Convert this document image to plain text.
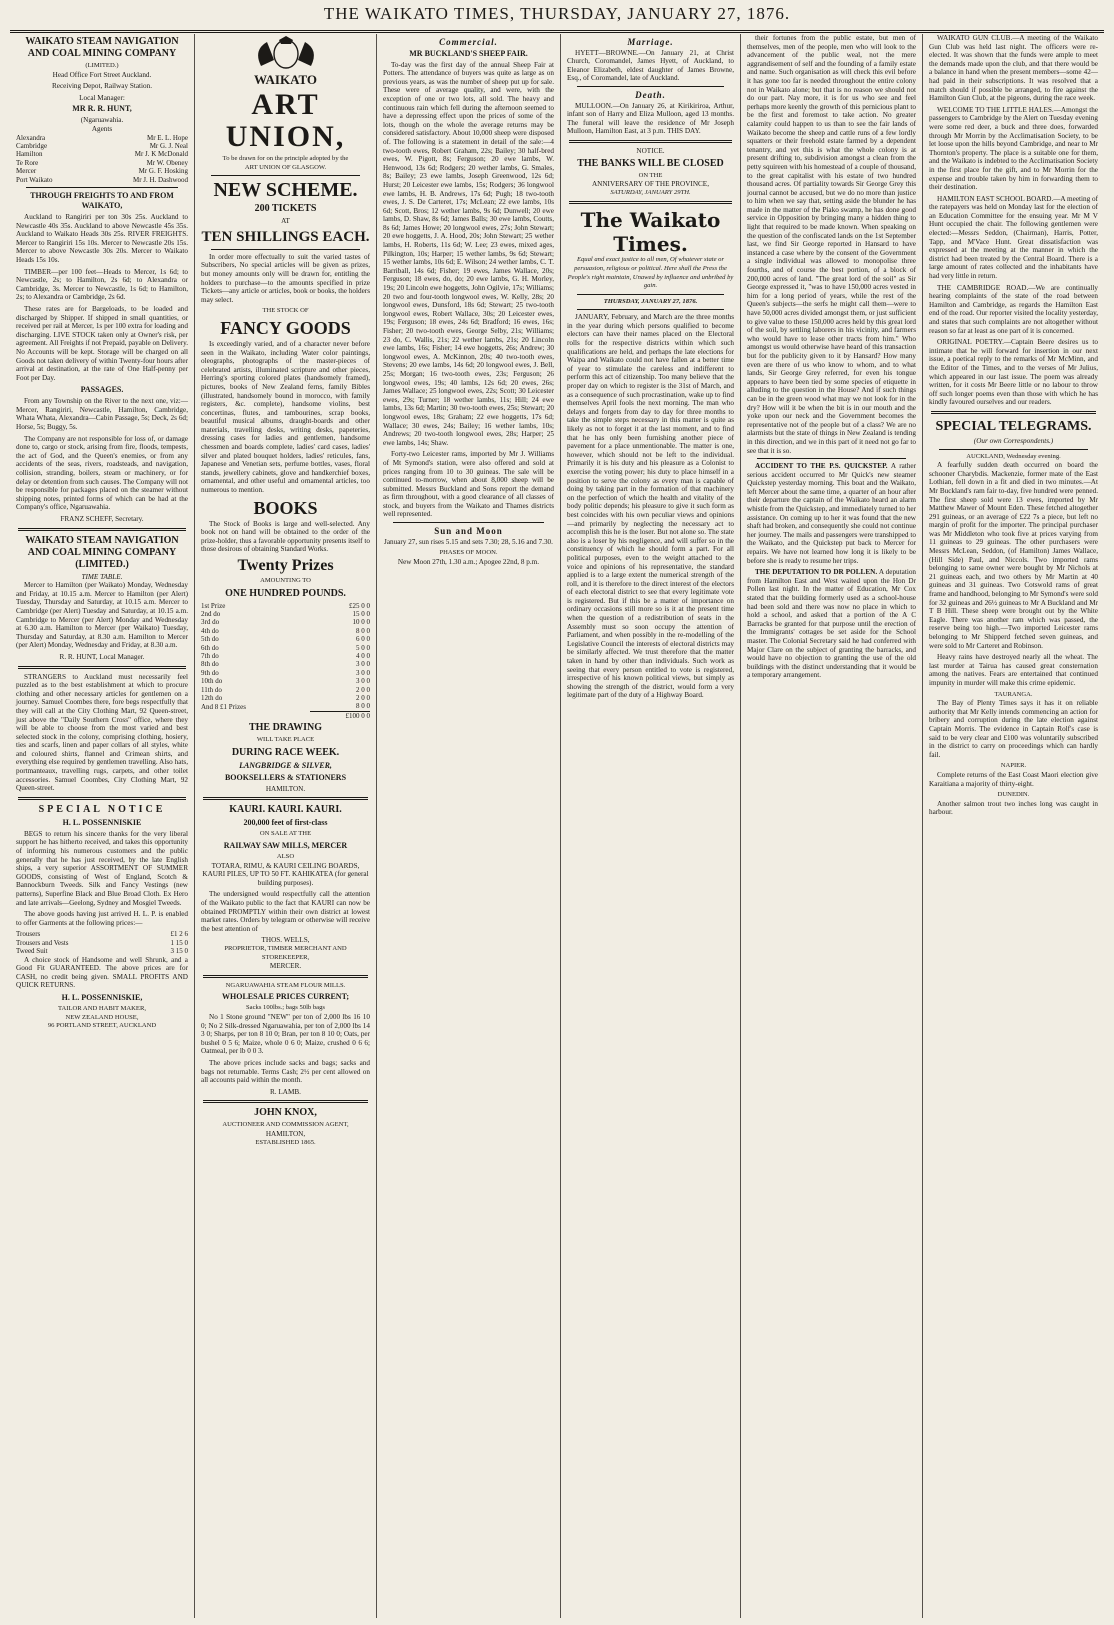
THE WAIKATO TIMES, THURSDAY, JANUARY 27, 1876.
WAIKATO STEAM NAVIGATION AND COAL MINING COMPANY
(LIMITED.)

Head Office Fort Street Auckland.

Receiving Depot, Railway Station.

Local Manager:
MR R. R. HUNT,
(Ngaruawahia.
Agents
Alexandra	Mr E. L. Hope
Cambridge	Mr G. J. Neal
Hamilton	Mr J. K McDonald
Te Rore	Mr W. Obeney
Mercer	Mr G. F. Hosking
Port Waikato	Mr J. H. Dashwood
THROUGH FREIGHTS TO AND FROM WAIKATO,

Auckland to Rangiriri per ton 30s 25s. Auckland to Newcastle 40s 35s. Auckland to above Newcastle 45s 35s. Auckland to Waikato Heads 30s 25s. RIVER FREIGHTS. Mercer to Rangiriri 15s 10s. Mercer to Newcastle 20s 15s. Mercer to above Newcastle 30s 20s. Mercer to Waikato Heads 15s 10s.

TIMBER—per 100 feet—Heads to Mercer, 1s 6d; to Newcastle, 2s; to Hamilton, 2s 6d; to Alexandra or Cambridge, 3s. Mercer to Newcastle, 1s 6d; to Hamilton, 2s; to Alexandra or Cambridge, 2s 6d.

These rates are for Bargeloads, to be loaded and discharged by Shipper. If shipped in small quantities, or received per rail at Mercer, 1s per 100 extra for loading and discharging. LIVE STOCK taken only at Owner's risk, per agreement. All Freights if not Prepaid, payable on Delivery. No Accounts will be kept. Storage will be charged on all Goods not taken delivery of within Twenty-four hours after arrival at destination, at the rate of One Half-penny per Foot per Day.

PASSAGES.

From any Township on the River to the next one, viz:—Mercer, Rangiriri, Newcastle, Hamilton, Cambridge, Whata Whata, Alexandra—Cabin Passage, 5s; Deck, 2s 6d; Horse, 5s; Buggy, 5s.

The Company are not responsible for loss of, or damage done to, cargo or stock, arising from fire, floods, tempests, the act of God, and the Queen's enemies, or from any accidents of the seas, rivers, roadsteads, and navigation, collision, stranding, boilers, steam or machinery, or for delay or detention from such causes. The Company will not be responsible for packages placed on the steamer without shipping notes, printed forms of which can be had at the Company's office, Ngaruawahia.

FRANZ SCHEFF, Secretary.
WAIKATO STEAM NAVIGATION AND COAL MINING COMPANY (LIMITED.)
TIME TABLE.

Mercer to Hamilton (per Waikato) Monday, Wednesday and Friday, at 10.15 a.m. Mercer to Hamilton (per Alert) Tuesday, Thursday and Saturday, at 10.15 a.m. Mercer to Cambridge (per Alert) Tuesday and Saturday, at 10.15 a.m. Cambridge to Mercer (per Alert) Monday and Wednesday at 6.30 a.m. Hamilton to Mercer (per Waikato) Tuesday, Thursday and Saturday, at 8.30 a.m. Hamilton to Mercer (per Alert) Monday, Wednesday and Friday, at 8.30 a.m.

R. R. HUNT, Local Manager.

STRANGERS to Auckland must necessarily feel puzzled as to the best establishment at which to procure clothing and other necessary articles for gentlemen on a journey. Samuel Coombes there, fore begs respectfully that they will call at the City Clothing Mart, 92 Queen-street, just above the "Daily Southern Cross" office, where they will be able to choose from the most varied and best selected stock in the colony, comprising clothing, hosiery, ties and scarfs, linen and paper collars of all styles, white and coloured shirts, flannel and Crimean shirts, and everything else required by gentlemen travelling. Also hats, portmanteaux, travelling rugs, carpets, and other toilet accessories. Samuel Coombes, City Clothing Mart, 92 Queen-street.

SPECIAL NOTICE
H. L. POSSENNISKIE

BEGS to return his sincere thanks for the very liberal support he has hitherto received, and takes this opportunity of informing his numerous customers and the public generally that he has just received, by the late English ships, a very superior ASSORTMENT OF SUMMER GOODS, consisting of West of England, Scotch & Bannockburn Tweeds. Silk and Fancy Vestings (new patterns), Superfine Black and Blue Broad Cloth. Ex Hero and late arrivals—Geelong, Sydney and Mosgiel Tweeds.

The above goods having just arrived H. L. P. is enabled to offer Garments at the following prices:—

Trousers	£1 2 6
Trousers and Vests	1 15 0
Tweed Suit	3 15 0

A choice stock of Handsome and well Shrunk, and a Good Fit GUARANTEED. The above prices are for CASH, no credit being given. SMALL PROFITS AND QUICK RETURNS.

H. L. POSSENNISKIE,
TAILOR AND HABIT MAKER,
NEW ZEALAND HOUSE,
96 PORTLAND STREET, AUCKLAND
WAIKATO
ART UNION,
To be drawn for on the principle adopted by the
ART UNION OF GLASGOW.
NEW SCHEME.
200 TICKETS
AT
TEN SHILLINGS EACH.

In order more effectually to suit the varied tastes of Subscribers, No special articles will be given as prizes, but money amounts only will be drawn for, entitling the holders to purchase—to the amounts specified in prize Tickets—any article or articles, book or books, the holders may select.

THE STOCK OF
FANCY GOODS

Is exceedingly varied, and of a character never before seen in the Waikato, including Water color paintings, oleographs, photographs of the master-pieces of celebrated artists, illuminated scripture and other pieces, Herring's sporting colored plates (handsomely framed), pictures, books of New Zealand ferns, family Bibles (illustrated, handsomely bound in morocco, with family registers, &c. complete), handsome violins, best concertinas, flutes, and tambourines, scrap books, beautiful musical albums, draught-boards and other materials, travelling desks, writing desks, papeteries, dressing cases for ladies and gentlemen, handsome chessmen and boards complete, ladies' card cases, ladies' silver and plated bouquet holders, ladies' reticules, fans, Japanese and Venetian sets, perfume bottles, vases, floral stands, jewellery cabinets, glove and handkerchief boxes, ornamental, and other useful and ornamental articles, too numerous to mention.

BOOKS

The Stock of Books is large and well-selected. Any book not on hand will be obtained to the order of the prize-holder, thus a favorable opportunity presents itself to those desirous of obtaining Standard Works.

Twenty Prizes
AMOUNTING TO
ONE HUNDRED POUNDS.
1st Prize	£25 0 0
2nd do	15 0 0
3rd do	10 0 0
4th do	8 0 0
5th do	6 0 0
6th do	5 0 0
7th do	4 0 0
8th do	3 0 0
9th do	3 0 0
10th do	3 0 0
11th do	2 0 0
12th do	2 0 0
And 8 £1 Prizes	8 0 0
	£100 0 0
THE DRAWING
WILL TAKE PLACE
DURING RACE WEEK.
LANGBRIDGE & SILVER,
BOOKSELLERS & STATIONERS
HAMILTON.
KAURI. KAURI. KAURI.
200,000 feet of first-class
ON SALE AT THE
RAILWAY SAW MILLS, MERCER
ALSO

TOTARA, RIMU, & KAURI CEILING BOARDS, KAURI PILES, UP TO 50 FT. KAHIKATEA (for general building purposes).

The undersigned would respectfully call the attention of the Waikato public to the fact that KAURI can now be obtained PROMPTLY within their own district at lowest market rates. Orders by telegram or otherwise will receive the best attention of

THOS. WELLS,
PROPRIETOR, TIMBER MERCHANT AND STOREKEEPER,
MERCER.
NGARUAWAHIA STEAM FLOUR MILLS.
WHOLESALE PRICES CURRENT;
Sacks 100lbs.; bags 50lb bags

No 1 Stone ground "NEW" per ton of 2,000 lbs 16 10 0; No 2 Silk-dressed Ngaruawahia, per ton of 2,000 lbs 14 3 0; Sharps, per ton 8 10 0; Bran, per ton 8 10 0; Oats, per bushel 0 5 6; Maize, whole 0 6 0; Maize, crushed 0 6 6; Oatmeal, per lb 0 0 3.

The above prices include sacks and bags; sacks and bags not returnable. Terms Cash; 2½ per cent allowed on all accounts paid within the month.

R. LAMB.
JOHN KNOX,
AUCTIONEER AND COMMISSION AGENT,
HAMILTON,
ESTABLISHED 1865.
Commercial.
MR BUCKLAND'S SHEEP FAIR.

To-day was the first day of the annual Sheep Fair at Potters. The attendance of buyers was quite as large as on previous years, as was the number of sheep put up for sale. These were of average quality, and were, with the exception of one or two lots, all sold. The heavy and continuous rain which fell during the afternoon seemed to have a depressing effect upon the prices of some of the lots, though on the whole the average returns may be considered satisfactory. About 10,000 sheep were disposed of. The following is a statement in detail of the sale:—4 two-tooth ewes, Robert Graham, 22s; Bailey; 30 half-bred ewes, W. Pigott, 8s; Ferguson; 20 ewe lambs, W. Henwood, 13s 6d; Rodgers; 20 wether lambs, G. Smales, 8s; Bailey; 23 ewe lambs, Joseph Greenwood, 12s 6d; Hurst; 20 Leicester ewe lambs, 15s; Rodgers; 36 longwool ewe lambs, H. B. Andrews, 17s 6d; Pugh; 18 two-tooth ewes, J. S. De Carteret, 17s; McLean; 22 ewe lambs, 10s 6d; Scott, Bros; 12 wether lambs, 9s 6d; Dunwell; 20 ewe lambs, D. Shaw, 8s 6d; James Balls; 30 ewe lambs, Coutts, 8s 6d; James Howe; 20 longwool ewes, 27s; John Stewart; 20 ewe hoggetts, J. A. Hood, 20s; John Stewart; 25 wether lambs, H. Roberts, 11s 6d; W. Lee; 23 ewes, mixed ages, Pilkington, 10s; Harper; 15 wether lambs, 9s 6d; Stewart; 15 wether lambs, 10s 6d; E. Wilson; 24 wether lambs, C. T. Barriball, 14s 6d; Fisher; 19 ewes, James Wallace, 20s; Ferguson; 18 ewes, do, do; 20 ewe lambs, G. H. Morley, 19s; 20 Lincoln ewe hoggetts, John Ogilvie, 17s; Williams; 20 two and four-tooth longwool ewes, W. Kelly, 28s; 20 longwool ewes, Dunsford, 18s 6d; Stewart; 25 two-tooth longwool ewes, Robert Wallace, 30s; 20 Leicester ewes, 19s; Ferguson; 18 ewes, 24s 6d; Bradford; 16 ewes, 16s; Fisher; 20 two-tooth ewes, George Selby, 21s; Williams; 23 do, C. Wallis, 21s; 22 wether lambs, 21s; 20 Lincoln ewe lambs, 16s; Fisher; 14 ewe hoggetts, 26s; Andrew; 30 longwool ewes, A. McKinnon, 20s; 40 two-tooth ewes, Stevens; 20 ewe lambs, 14s 6d; 20 longwool ewes, J. Bell, 25s; Morgan; 16 two-tooth ewes, 23s; Ferguson; 26 longwool ewes, 19s; 40 lambs, 12s 6d; 20 ewes, 26s; James Wallace; 25 longwool ewes, 22s; Scott; 30 Leicester ewes, 29s; Turner; 18 wether lambs, 11s; Hill; 24 ewe lambs, 13s 6d; Martin; 30 two-tooth ewes, 25s; Stewart; 20 longwool ewes, 18s; Graham; 22 ewe hoggetts, 17s 6d; Wallace; 30 ewes, 24s; Bailey; 16 wether lambs, 10s; Andrews; 20 two-tooth longwool ewes, 28s; Harper; 25 ewe lambs, 14s; Shaw.

Forty-two Leicester rams, imported by Mr J. Williams of Mt Symond's station, were also offered and sold at prices ranging from 10 to 30 guineas. The sale will be continued to-morrow, when about 8,000 sheep will be submitted. Messrs Buckland and Sons report the demand as firm throughout, with a good clearance of all classes of stock, and buyers from the Waikato and Thames districts well represented.

Sun and Moon

January 27, sun rises 5.15 and sets 7.30; 28, 5.16 and 7.30.

PHASES OF MOON.

New Moon 27th, 1.30 a.m.; Apogee 22nd, 8 p.m.

Marriage.

HYETT—BROWNE.—On January 21, at Christ Church, Coromandel, James Hyett, of Auckland, to Eleanor Elizabeth, eldest daughter of James Browne, Esq., of Coromandel, late of Auckland.

Death.

MULLOON.—On January 26, at Kirikiriroa, Arthur, infant son of Harry and Eliza Mulloon, aged 13 months. The funeral will leave the residence of Mr Joseph Mulloon, Hamilton East, at 3 p.m. THIS DAY.

NOTICE.
THE BANKS WILL BE CLOSED
ON THE
ANNIVERSARY OF THE PROVINCE,
SATURDAY, JANUARY 29TH.
The Waikato Times.

Equal and exact justice to all men, Of whatever state or persuasion, religious or political. Here shall the Press the People's right maintain, Unawed by influence and unbribed by gain.

THURSDAY, JANUARY 27, 1876.

JANUARY, February, and March are the three months in the year during which persons qualified to become electors can have their names placed on the Electoral rolls for the respective districts within which such qualifications are held, and perhaps the late elections for Waipa and Waikato could not have fallen at a better time of year to stimulate the careless and indifferent to perform this act of citizenship. Too many believe that the proper day on which to register is the 31st of March, and as a consequence of such procrastination, wake up to find themselves April fools the next morning. The man who delays and forgets from day to day for three months to take the simple steps necessary in this matter is quite as likely as not to forget it at the last moment, and to find that he has only been furnishing another piece of pavement for a place unmentionable. The matter is one, however, which should not be left to the individual. Primarily it is his duty and his pleasure as a Colonist to exercise the voting power; his duty to place himself in a position to serve the colony as every man is capable of doing by taking part in the formation of that machinery on the perfection of which the health and vitality of the body politic depends; his pleasure to give it such form as best coincides with his own peculiar views and opinions—and primarily by neglecting the necessary act to accomplish this he is the loser. But not alone so. The state also is a loser by his negligence, and will suffer so in the constituency of which he should form a part. For all political purposes, even to the weight attached to the voice and opinions of his representative, the standard applied is to a large extent the numerical strength of the roll, and it is therefore to the direct interest of the electors of each electoral district to see that every legitimate vote is registered. But if this be a matter of importance on ordinary occasions still more so is it at the present time when the question of a redistribution of seats in the Assembly must so soon occupy the attention of Parliament, and when possibly in the re-modelling of the Legislative Council the interests of electoral districts may be similarly affected. We trust therefore that the matter taken in hand by other than individuals. Such work as seeing that every person entitled to vote is registered, irrespective of his known political views, but simply as showing the strength of the district, would form a very legitimate part of the duty of a Highway Board.

their fortunes from the public estate, but men of themselves, men of the people, men who will look to the advancement of the public weal, not the mere aggrandisement of self and the founding of a family estate and name. Such organisation as will check this evil before it has gone too far is needed throughout the entire colony not in Waikato alone; but that is no reason we should not do our part. Nay more, it is for us who see and feel perhaps more keenly the growth of this pernicious plant to be the first and foremost to take action. No greater calamity could happen to us than to see the fair lands of Waikato become the sheep and cattle runs of a few lordly squatters or their freehold estate farmed by a dependent tenantry, and yet this is what the whole colony is at present drifting to, subdivision amongst a clean from the petty squireen with his homestead of a couple of thousand, to the great capitalist with his estate of two hundred thousand acres. Of partiality towards Sir George Grey this journal cannot be accused, but we do no more than justice to him when we say that, setting aside the blunder he has made in the matter of the Piako swamp, he has done good service in Opposition by bringing many a hidden thing to light that required to be made known. When speaking on the question of the confiscated lands on the 1st September last, we find Sir George reported in Hansard to have instanced a case where by the consent of the Government a single individual was allowed to monopolise three fourths, and of course the best portion, of a block of 200,000 acres of land. "The great lord of the soil" as Sir George expressed it, "was to have 150,000 acres vested in him for a long period of years, while the rest of the Queen's subjects—the serfs he might call them—were to have 50,000 acres divided amongst them, or just sufficient to give value to these 150,000 acres held by this great lord of the soil, by settling laborers in his vicinity, and farmers who would have to lease other tracts from him." Who amongst us would otherwise have heard of this transaction but for the publicity given to it by Hansard? How many even are there of us who know to whom, and to what lands, Sir George Grey referred, for even his tongue appears to have been tied by some species of etiquette in alluding to the question in the House? And if such things can be in the green wood what may we not look for in the dry? How will it be when the bit is in our mouth and the yoke upon our neck and the Government becomes the representative not of the people but of a class? We are no alarmists but the state of things in New Zealand is tending in this direction, and we in this part of it need not go far to see that it is so.

ACCIDENT TO THE P.S. QUICKSTEP. A rather serious accident occurred to Mr Quick's new steamer Quickstep yesterday morning. This boat and the Waikato, left Mercer about the same time, a quarter of an hour after their departure the captain of the Waikato heard an alarm whistle from the Quickstep, and immediately turned to her assistance. On coming up to her it was found that the new shaft had broken, and consequently she could not continue her journey. The mails and passengers were transhipped to the Waikato, and the Quickstep put back to Mercer for repairs. We have not learned how long it is likely to be before she is ready to resume her trips.

THE DEPUTATION TO DR POLLEN. A deputation from Hamilton East and West waited upon the Hon Dr Pollen last night. In the matter of Education, Mr Cox stated that the building formerly used as a school-house had been sold and there was now no place in which to hold a school, and asked that a portion of the A C Barracks be granted for that purpose until the erection of the Immigrants' cottages be set aside for the School master. The Colonial Secretary said he had conferred with Major Clare on the subject of granting the barracks, and would have no objection to granting the use of the old buildings with the distinct understanding that it would be a temporary arrangement.

WAIKATO GUN CLUB.—A meeting of the Waikato Gun Club was held last night. The officers were re-elected. It was shown that the funds were ample to meet the demands made upon the club, and that there would be a balance in hand when the present members—some 42—had paid in their subscriptions. It was resolved that a match should if possible be arranged, to fire against the Hamilton Gun Club, at the pigeons, during the race week.

WELCOME TO THE LITTLE HALES.—Amongst the passengers to Cambridge by the Alert on Tuesday evening were some red deer, a buck and three does, forwarded through Mr Morrin by the Acclimatisation Society, to be let loose upon the hills beyond Cambridge, and near to Mr Thornton's property. The place is a suitable one for them, and the Waikato is indebted to the Acclimatisation Society in the first place for the gift, and to Mr Morrin for the expense and trouble taken by him in forwarding them to their destination.

HAMILTON EAST SCHOOL BOARD.—A meeting of the ratepayers was held on Monday last for the election of an Education Committee for the ensuing year. Mr M V Hunt occupied the chair. The following gentlemen were elected:—Messrs Seddon, (Chairman), Harris, Potter, Tapp, and M'Vace Hunt. Great dissatisfaction was expressed at the meeting at the manner in which the district had been treated by the Central Board. There is a large amount of rates collected and the inhabitants have had very little in return.

THE CAMBRIDGE ROAD.—We are continually hearing complaints of the state of the road between Hamilton and Cambridge, as regards the Hamilton East end of the road. Our reporter visited the locality yesterday, and states that such complaints are not altogether without reason so far at least as one part of it is concerned.

ORIGINAL POETRY.—Captain Beere desires us to intimate that he will forward for insertion in our next issue, a poetical reply to the remarks of Mr McMinn, and the Editor of the Times, and to the verses of Mr Julius, which appeared in our last issue. The poem was already written, for it costs Mr Beere little or no labour to throw off such longer poems even than those with which he has kindly favoured ourselves and our readers.

SPECIAL TELEGRAMS.
(Our own Correspondents.)
AUCKLAND, Wednesday evening.

A fearfully sudden death occurred on board the schooner Charybdis. Mackenzie, former mate of the East Lothian, fell down in a fit and died in two minutes.—At Mr Buckland's ram fair to-day, five hundred were penned. The first sheep sold were 13 ewes, imported by Mr Matthew Mawer of Mount Eden. These fetched altogether 291 guineas, or an average of £22 7s a piece, but left no margin of profit for the importer. The principal purchaser was Mr Middleton who took five at prices varying from 11 guineas to 29 guineas. The other purchasers were Messrs McLean, Seddon, (of Hamilton) James Wallace, (Hill Side) Paul, and Niccols. Two imported rams belonging to same owner were bought by Mr Nichols at 21 guineas each, and two others by Mr Martin at 40 guineas and 31 guineas. Two Cotswold rams of great frame and handhood, belonging to Mr Symond's were sold for 32 guineas and 26½ guineas to Mr A Buckland and Mr T B Hill. These sheep were brought out by the White Eagle. There was another ram which was passed, the reserve being too high.—Two imported Leicester rams belonging to Mr Shipperd fetched seven guineas, and were sold to Mr Carteret and Robinson.

Heavy rains have destroyed nearly all the wheat. The last murder at Tairua has caused great consternation among the natives. Fears are entertained that continued impunity in murder will make this crime epidemic.

TAURANGA.

The Bay of Plenty Times says it has it on reliable authority that Mr Kelly intends commencing an action for bribery and corruption during the late election against Captain Morris. The evidence in Captain Rolf's case is said to be very clear and £100 was voluntarily subscribed in the district to carry on proceedings which can hardly fail.

NAPIER.

Complete returns of the East Coast Maori election give Karaitiana a majority of thirty-eight.

DUNEDIN.

Another salmon trout two inches long was caught in harbour.
